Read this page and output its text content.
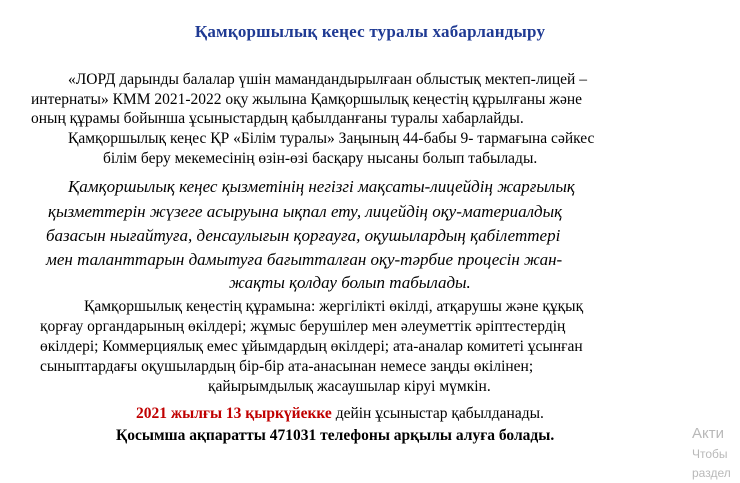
Қамқоршылық кеңес туралы хабарландыру
«ЛОРД дарынды балалар үшін мамандандырылғаан облыстық мектеп-лицей –
интернаты» КММ 2021-2022 оқу жылына Қамқоршылық кеңестің құрылғаны және
оның құрамы бойынша ұсыныстардың қабылданғаны туралы хабарлайды.
Қамқоршылық кеңес ҚР «Білім туралы» Заңының 44-бабы 9- тармағына сәйкес
білім беру мекемесінің өзін-өзі басқару нысаны болып табылады.
Қамқоршылық кеңес қызметінің негізгі мақсаты-лицейдің жарғылық
қызметтерін жүзеге асыруына ықпал ету, лицейдің оқу-материалдық
базасын нығайтуға, денсаулығын қорғауға, оқушылардың қабілеттері
мен таланттарын дамытуға бағытталған оқу-тәрбие процесін жан-
жақты қолдау болып табылады.
Қамқоршылық кеңестің құрамына: жергілікті өкілді, атқарушы және құқық
қорғау органдарының өкілдері; жұмыс берушілер мен әлеуметтік әріптестердің
өкілдері; Коммерциялық емес ұйымдардың өкілдері; ата-аналар комитеті ұсынған
сыныптардағы оқушылардың бір-бір ата-анасынан немесе заңды өкілінен;
қайырымдылық жасаушылар кіруі мүмкін.
2021 жылғы 13 қыркүйекке дейін ұсыныстар қабылданады.
Қосымша ақпаратты 471031 телефоны арқылы алуға болады.	Акти
Чтобы
раздел
